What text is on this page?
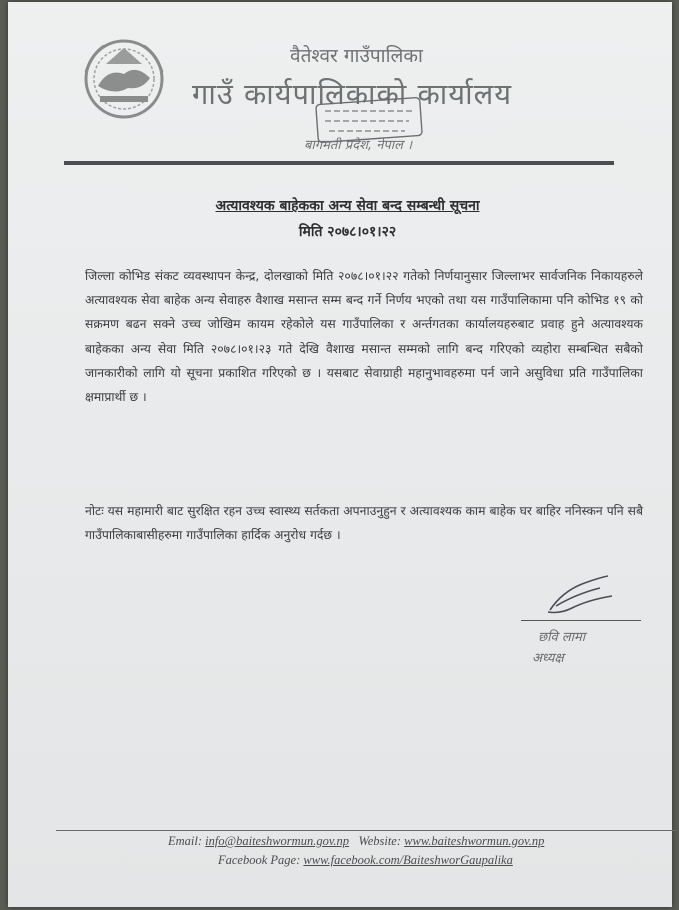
वैतेश्वर गाउँपालिका
गाउँ कार्यपालिकाको कार्यालय
बागमती प्रदेश, नेपाल ।
अत्यावश्यक बाहेकका अन्य सेवा बन्द सम्बन्धी सूचना
मिति २०७८।०१।२२
जिल्ला कोभिड संकट व्यवस्थापन केन्द्र, दोलखाको मिति २०७८।०१।२२ गतेको निर्णयानुसार जिल्लाभर सार्वजनिक निकायहरुले अत्यावश्यक सेवा बाहेक अन्य सेवाहरु वैशाख मसान्त सम्म बन्द गर्ने निर्णय भएको तथा यस गाउँपालिकामा पनि कोभिड १९ को सक्रमण बढन सक्ने उच्च जोखिम कायम रहेकोले यस गाउँपालिका र अर्न्तगतका कार्यालयहरुबाट प्रवाह हुने अत्यावश्यक बाहेकका अन्य सेवा मिति २०७८।०१।२३ गते देखि वैशाख मसान्त सम्मको लागि बन्द गरिएको व्यहोरा सम्बन्धित सबैको जानकारीको लागि यो सूचना प्रकाशित गरिएको छ । यसबाट सेवाग्राही महानुभावहरुमा पर्न जाने असुविधा प्रति गाउँपालिका क्षमाप्रार्थी छ ।
नोटः यस महामारी बाट सुरक्षित रहन उच्च स्वास्थ्य सर्तकता अपनाउनुहुन र अत्यावश्यक काम बाहेक घर बाहिर ननिस्कन पनि सबै गाउँपालिकाबासीहरुमा गाउँपालिका हार्दिक अनुरोध गर्दछ ।
छवि लामा
अध्यक्ष
Email: info@baiteshwormun.gov.np Website: www.baiteshwormun.gov.np
Facebook Page: www.facebook.com/BaiteshworGaupalika
